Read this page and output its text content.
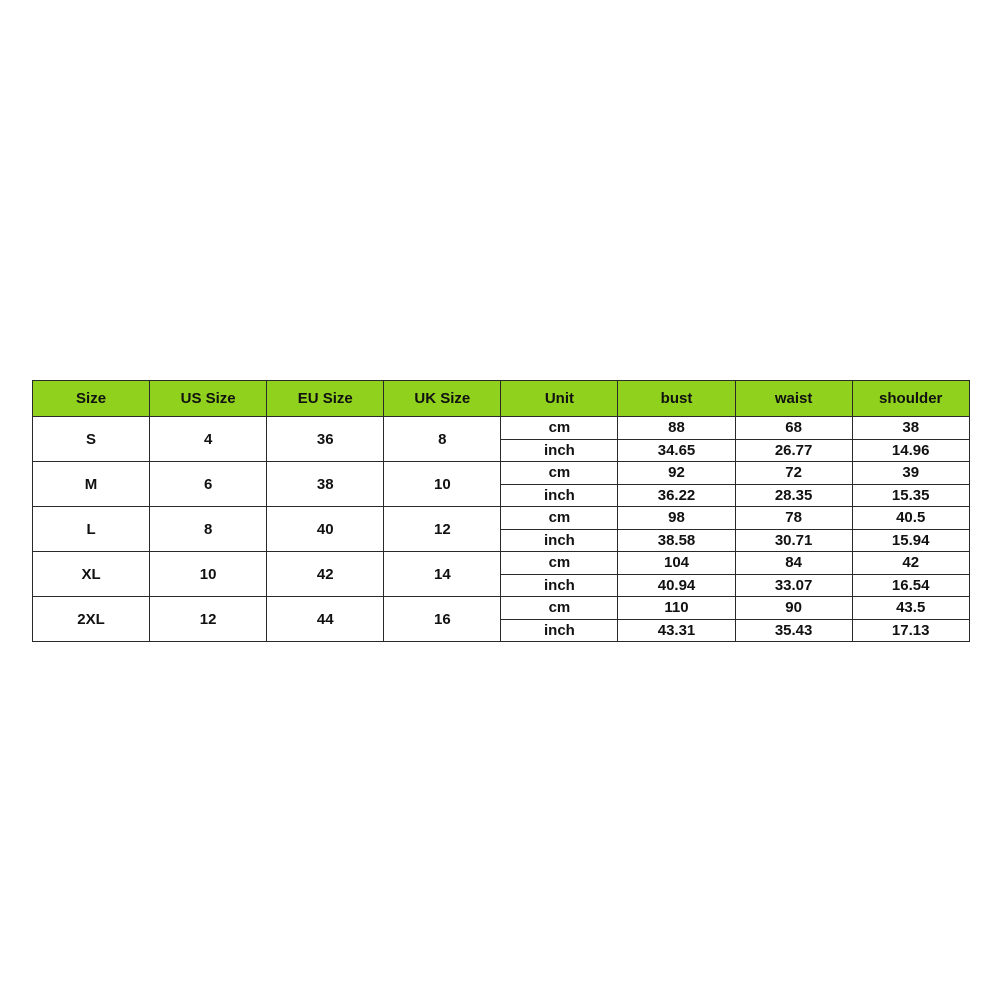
Size	US Size	EU Size	UK Size	Unit	bust	waist	shoulder
S	4	36	8	cm	88	68	38
				inch	34.65	26.77	14.96
M	6	38	10	cm	92	72	39
				inch	36.22	28.35	15.35
L	8	40	12	cm	98	78	40.5
				inch	38.58	30.71	15.94
XL	10	42	14	cm	104	84	42
				inch	40.94	33.07	16.54
2XL	12	44	16	cm	110	90	43.5
				inch	43.31	35.43	17.13
